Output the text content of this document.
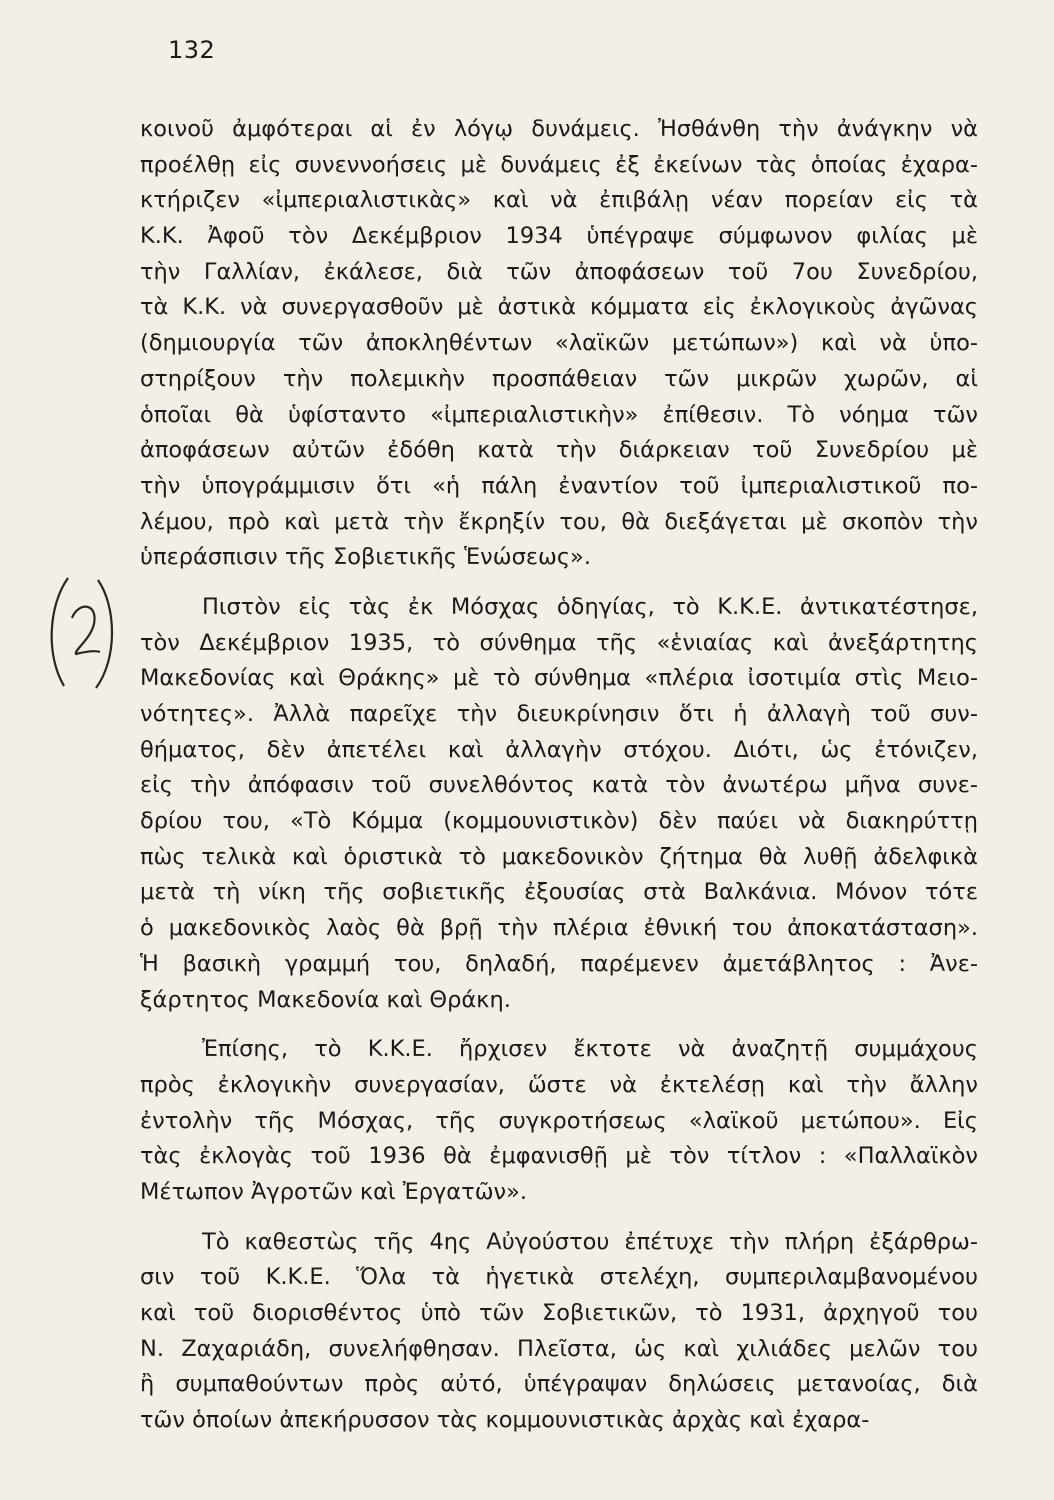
132
κοινοῦ ἀμφότεραι αἱ ἐν λόγῳ δυνάμεις. Ἠσθάνθη τὴν ἀνάγκην νὰ
προέλθῃ εἰς συνεννοήσεις μὲ δυνάμεις ἐξ ἐκείνων τὰς ὁποίας ἐχαρα-
κτήριζεν «ἰμπεριαλιστικὰς» καὶ νὰ ἐπιβάλῃ νέαν πορείαν εἰς τὰ
Κ.Κ. Ἀφοῦ τὸν Δεκέμβριον 1934 ὑπέγραψε σύμφωνον φιλίας μὲ
τὴν Γαλλίαν, ἐκάλεσε, διὰ τῶν ἀποφάσεων τοῦ 7ου Συνεδρίου,
τὰ Κ.Κ. νὰ συνεργασθοῦν μὲ ἀστικὰ κόμματα εἰς ἐκλογικοὺς ἀγῶνας
(δημιουργία τῶν ἀποκληθέντων «λαϊκῶν μετώπων») καὶ νὰ ὑπο-
στηρίξουν τὴν πολεμικὴν προσπάθειαν τῶν μικρῶν χωρῶν, αἱ
ὁποῖαι θὰ ὑφίσταντο «ἰμπεριαλιστικὴν» ἐπίθεσιν. Τὸ νόημα τῶν
ἀποφάσεων αὐτῶν ἐδόθη κατὰ τὴν διάρκειαν τοῦ Συνεδρίου μὲ
τὴν ὑπογράμμισιν ὅτι «ἡ πάλη ἐναντίον τοῦ ἰμπεριαλιστικοῦ πο-
λέμου, πρὸ καὶ μετὰ τὴν ἔκρηξίν του, θὰ διεξάγεται μὲ σκοπὸν τὴν
ὑπεράσπισιν τῆς Σοβιετικῆς Ἑνώσεως».
Πιστὸν εἰς τὰς ἐκ Μόσχας ὁδηγίας, τὸ Κ.Κ.Ε. ἀντικατέστησε,
τὸν Δεκέμβριον 1935, τὸ σύνθημα τῆς «ἑνιαίας καὶ ἀνεξάρτητης
Μακεδονίας καὶ Θράκης» μὲ τὸ σύνθημα «πλέρια ἰσοτιμία στὶς Μειο-
νότητες». Ἀλλὰ παρεῖχε τὴν διευκρίνησιν ὅτι ἡ ἀλλαγὴ τοῦ συν-
θήματος, δὲν ἀπετέλει καὶ ἀλλαγὴν στόχου. Διότι, ὡς ἐτόνιζεν,
εἰς τὴν ἀπόφασιν τοῦ συνελθόντος κατὰ τὸν ἀνωτέρω μῆνα συνε-
δρίου του, «Τὸ Κόμμα (κομμουνιστικὸν) δὲν παύει νὰ διακηρύττῃ
πὼς τελικὰ καὶ ὁριστικὰ τὸ μακεδονικὸν ζήτημα θὰ λυθῇ ἀδελφικὰ
μετὰ τὴ νίκη τῆς σοβιετικῆς ἐξουσίας στὰ Βαλκάνια. Μόνον τότε
ὁ μακεδονικὸς λαὸς θὰ βρῇ τὴν πλέρια ἐθνική του ἀποκατάσταση».
Ἡ βασικὴ γραμμή του, δηλαδή, παρέμενεν ἀμετάβλητος : Ἀνε-
ξάρτητος Μακεδονία καὶ Θράκη.
Ἐπίσης, τὸ Κ.Κ.Ε. ἤρχισεν ἔκτοτε νὰ ἀναζητῇ συμμάχους
πρὸς ἐκλογικὴν συνεργασίαν, ὥστε νὰ ἐκτελέσῃ καὶ τὴν ἄλλην
ἐντολὴν τῆς Μόσχας, τῆς συγκροτήσεως «λαϊκοῦ μετώπου». Εἰς
τὰς ἐκλογὰς τοῦ 1936 θὰ ἐμφανισθῇ μὲ τὸν τίτλον : «Παλλαϊκὸν
Μέτωπον Ἀγροτῶν καὶ Ἐργατῶν».
Τὸ καθεστὼς τῆς 4ης Αὐγούστου ἐπέτυχε τὴν πλήρη ἐξάρθρω-
σιν τοῦ Κ.Κ.Ε. Ὅλα τὰ ἡγετικὰ στελέχη, συμπεριλαμβανομένου
καὶ τοῦ διορισθέντος ὑπὸ τῶν Σοβιετικῶν, τὸ 1931, ἀρχηγοῦ του
Ν. Ζαχαριάδη, συνελήφθησαν. Πλεῖστα, ὡς καὶ χιλιάδες μελῶν του
ἢ συμπαθούντων πρὸς αὐτό, ὑπέγραψαν δηλώσεις μετανοίας, διὰ
τῶν ὁποίων ἀπεκήρυσσον τὰς κομμουνιστικὰς ἀρχὰς καὶ ἐχαρα-
